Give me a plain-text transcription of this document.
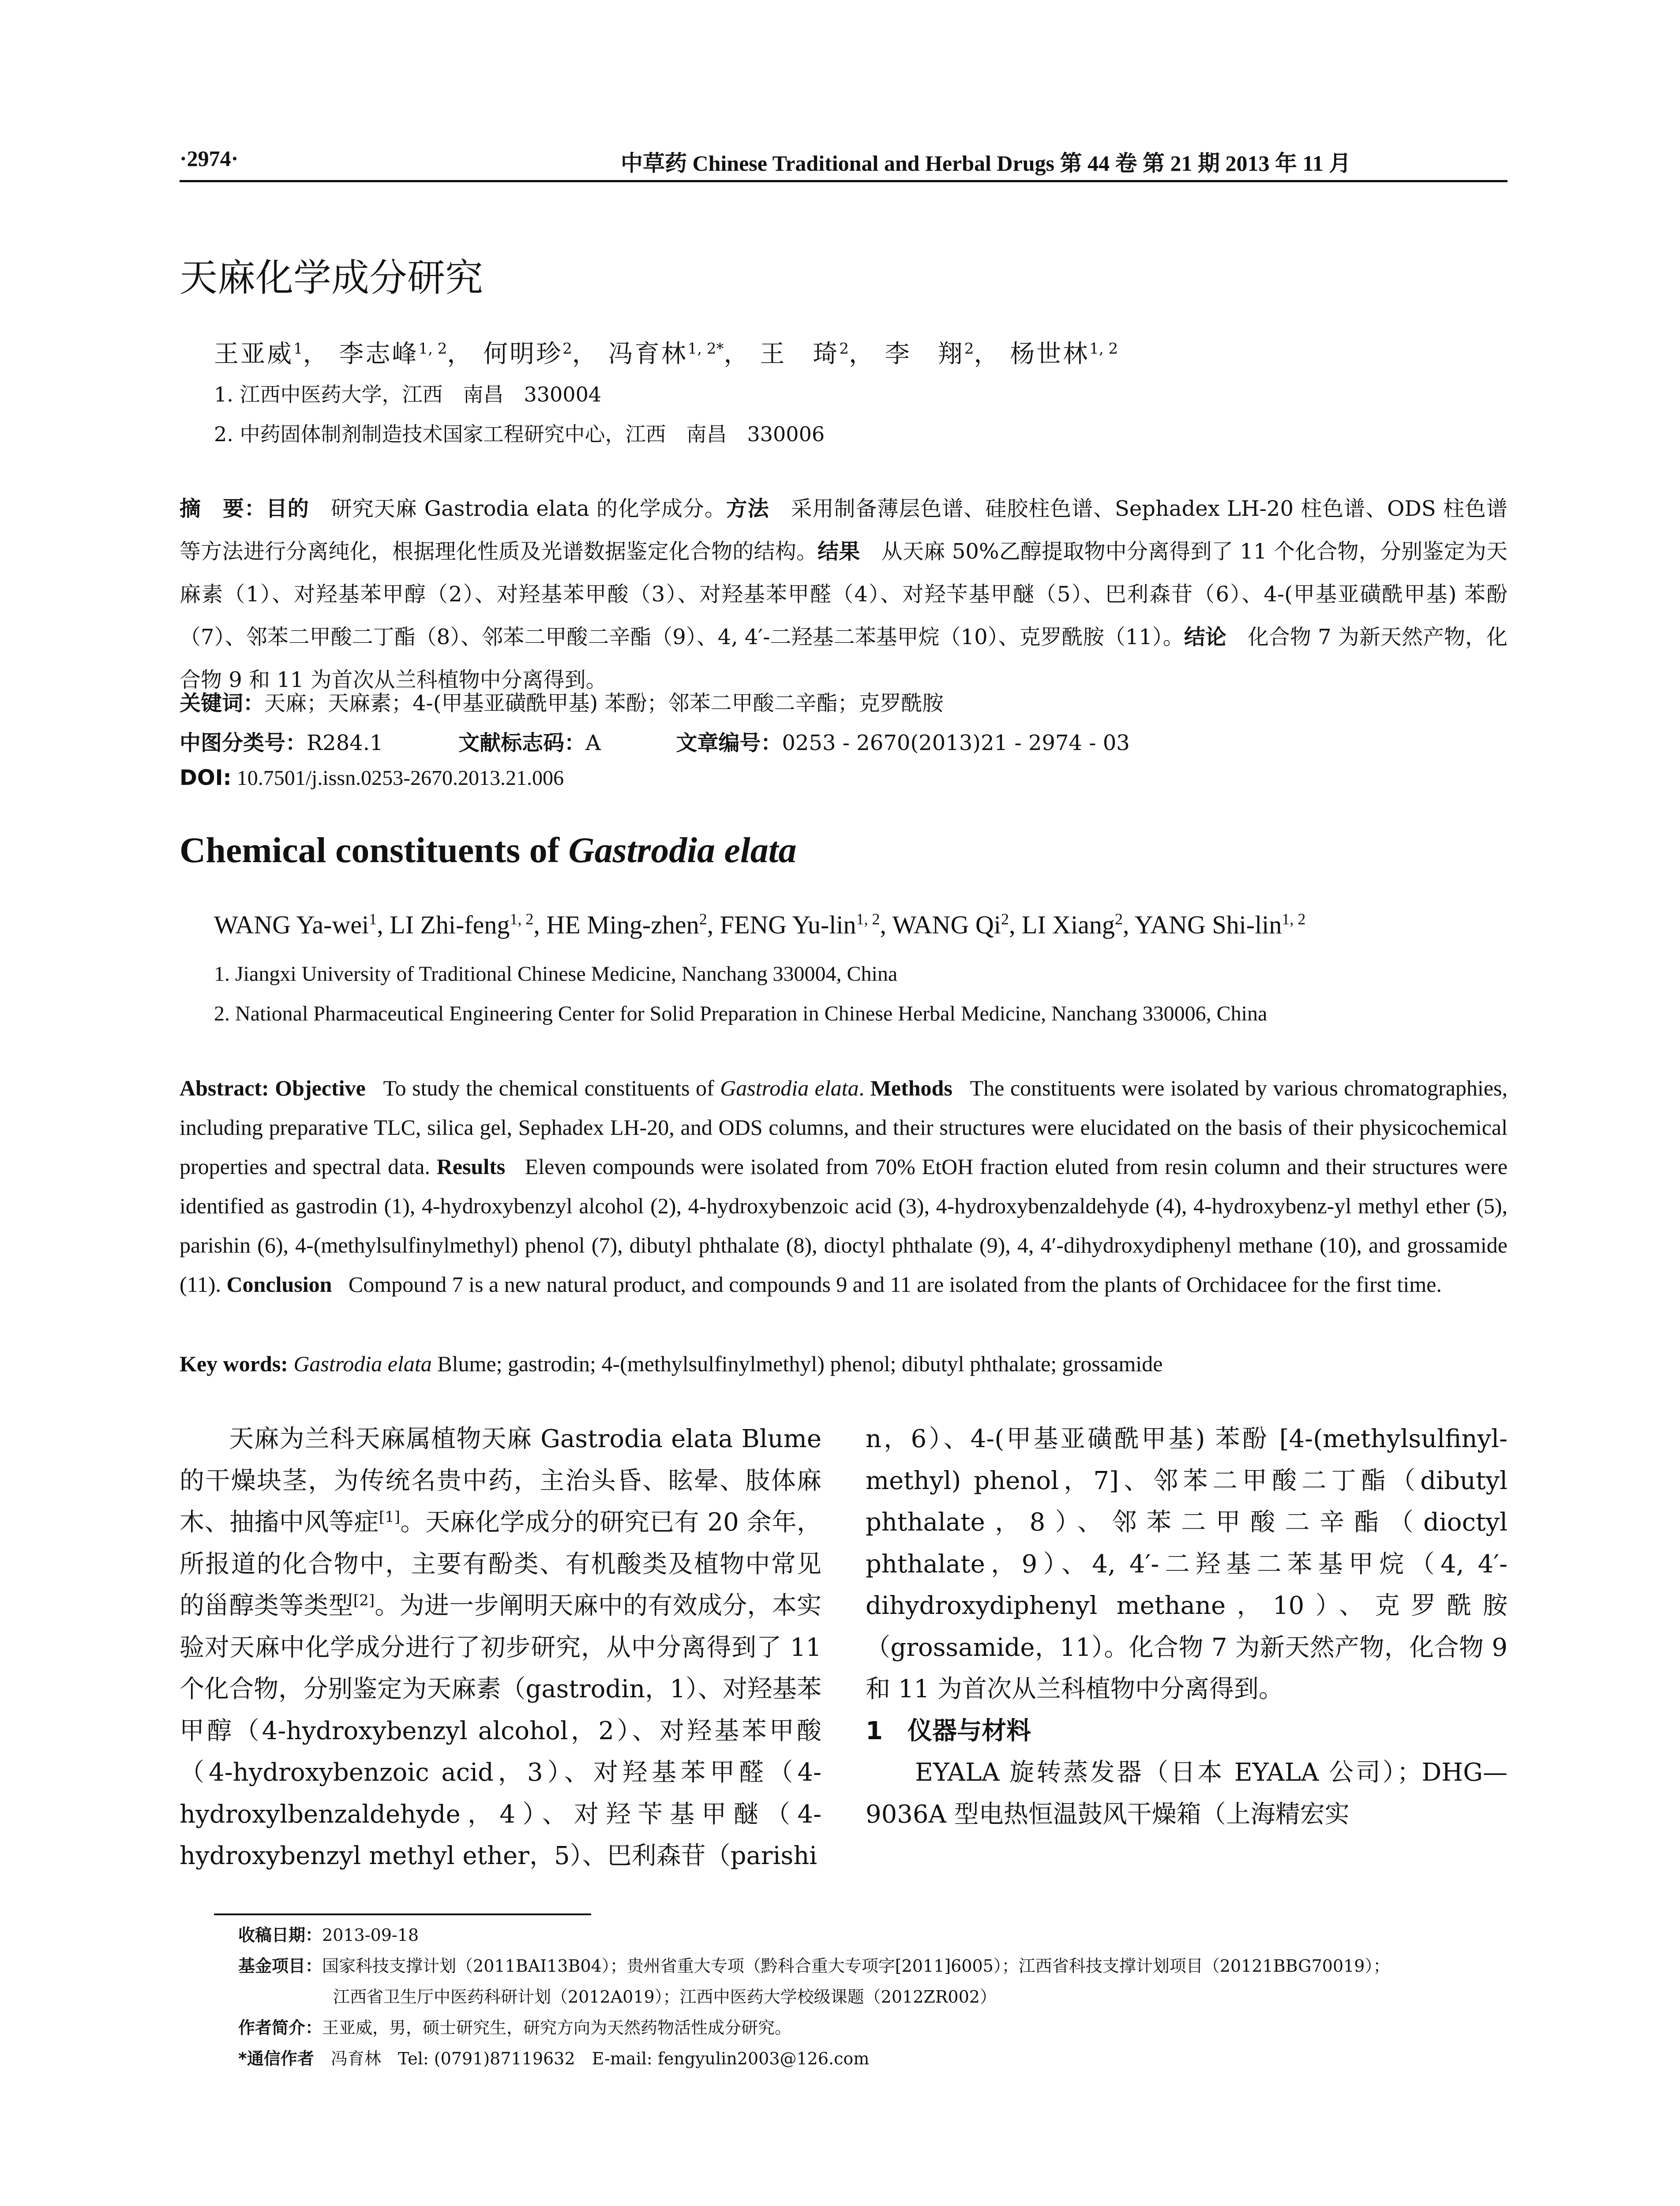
·2974·	中草药 Chinese Traditional and Herbal Drugs 第 44 卷 第 21 期 2013 年 11 月
天麻化学成分研究
王亚威$^1$， 李志峰$^{1, 2}$， 何明珍$^2$， 冯育林$^{1, 2*}$， 王　琦$^2$， 李　翔$^2$， 杨世林$^{1, 2}$
1. 江西中医药大学，江西　南昌　330004
2. 中药固体制剂制造技术国家工程研究中心，江西　南昌　330006
摘　要：目的　 研究天麻 Gastrodia elata 的化学成分。方法　 采用制备薄层色谱、硅胶柱色谱、Sephadex LH-20 柱色谱、ODS 柱色谱等方法进行分离纯化，根据理化性质及光谱数据鉴定化合物的结构。结果　 从天麻 50%乙醇提取物中分离得到了 11 个化合物，分别鉴定为天麻素（1）、对羟基苯甲醇（2）、对羟基苯甲酸（3）、对羟基苯甲醛（4）、对羟苄基甲醚（5）、巴利森苷（6）、4-(甲基亚磺酰甲基) 苯酚（7）、邻苯二甲酸二丁酯（8）、邻苯二甲酸二辛酯（9）、4, 4′-二羟基二苯基甲烷（10）、克罗酰胺（11）。结论　 化合物 7 为新天然产物，化合物 9 和 11 为首次从兰科植物中分离得到。
关键词：天麻；天麻素；4-(甲基亚磺酰甲基) 苯酚；邻苯二甲酸二辛酯；克罗酰胺
中图分类号：R284.1	文献标志码：A	文章编号：0253 - 2670(2013)21 - 2974 - 03
DOI: 10.7501/j.issn.0253-2670.2013.21.006
Chemical constituents of Gastrodia elata
WANG Ya-wei$^1$, LI Zhi-feng$^{1, 2}$, HE Ming-zhen$^2$, FENG Yu-lin$^{1, 2}$, WANG Qi$^2$, LI Xiang$^2$, YANG Shi-lin$^{1, 2}$
1. Jiangxi University of Traditional Chinese Medicine, Nanchang 330004, China
2. National Pharmaceutical Engineering Center for Solid Preparation in Chinese Herbal Medicine, Nanchang 330006, China
Abstract: Objective To study the chemical constituents of Gastrodia elata. Methods The constituents were isolated by various chromatographies, including preparative TLC, silica gel, Sephadex LH-20, and ODS columns, and their structures were elucidated on the basis of their physicochemical properties and spectral data. Results Eleven compounds were isolated from 70% EtOH fraction eluted from resin column and their structures were identified as gastrodin (1), 4-hydroxybenzyl alcohol (2), 4-hydroxybenzoic acid (3), 4-hydroxybenzaldehyde (4), 4-hydroxybenz-yl methyl ether (5), parishin (6), 4-(methylsulfinylmethyl) phenol (7), dibutyl phthalate (8), dioctyl phthalate (9), 4, 4′-dihydroxydiphenyl methane (10), and grossamide (11). Conclusion Compound 7 is a new natural product, and compounds 9 and 11 are isolated from the plants of Orchidacee for the first time.
Key words: Gastrodia elata Blume; gastrodin; 4-(methylsulfinylmethyl) phenol; dibutyl phthalate; grossamide

天麻为兰科天麻属植物天麻 Gastrodia elata Blume 的干燥块茎，为传统名贵中药，主治头昏、眩晕、肢体麻木、抽搐中风等症[1]。天麻化学成分的研究已有 20 余年，所报道的化合物中，主要有酚类、有机酸类及植物中常见的甾醇类等类型[2]。为进一步阐明天麻中的有效成分，本实验对天麻中化学成分进行了初步研究，从中分离得到了 11 个化合物，分别鉴定为天麻素（gastrodin，1）、对羟基苯甲醇（4-hydroxybenzyl alcohol，2）、对羟基苯甲酸（4-hydroxybenzoic acid，3）、对羟基苯甲醛（4-hydroxylbenzaldehyde，4）、对羟苄基甲醚（4-hydroxybenzyl methyl ether，5）、巴利森苷（parishi

n，6）、4-(甲基亚磺酰甲基) 苯酚 [4-(methylsulfinyl-methyl) phenol，7]、邻苯二甲酸二丁酯（dibutyl phthalate，8）、邻苯二甲酸二辛酯（dioctyl phthalate，9）、4, 4′-二羟基二苯基甲烷（4, 4′-dihydroxydiphenyl methane，10）、克罗酰胺（grossamide，11）。化合物 7 为新天然产物，化合物 9 和 11 为首次从兰科植物中分离得到。

1　仪器与材料

EYALA 旋转蒸发器（日本 EYALA 公司）；DHG—9036A 型电热恒温鼓风干燥箱（上海精宏实

收稿日期：2013-09-18
基金项目：国家科技支撑计划（2011BAI13B04）；贵州省重大专项（黔科合重大专项字[2011]6005）；江西省科技支撑计划项目（20121BBG70019）；
江西省卫生厅中医药科研计划（2012A019）；江西中医药大学校级课题（2012ZR002）
作者简介：王亚威，男，硕士研究生，研究方向为天然药物活性成分研究。
*通信作者　冯育林　Tel: (0791)87119632　E-mail: fengyulin2003@126.com
